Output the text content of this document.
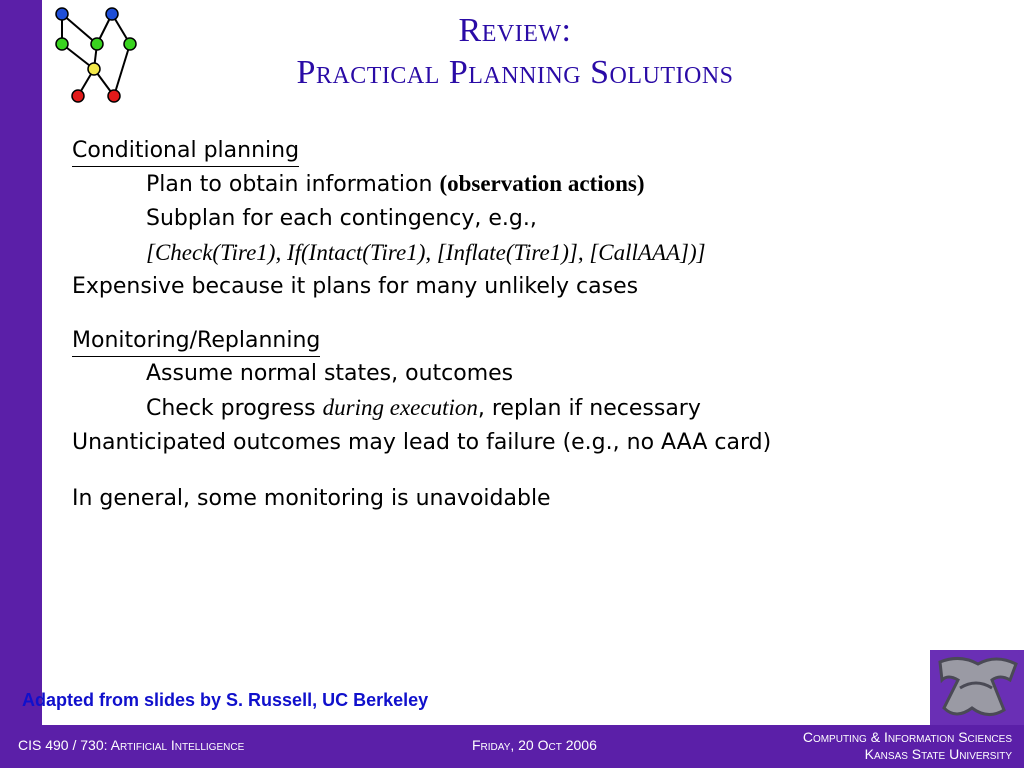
Review:
Practical Planning Solutions
Conditional planning
Plan to obtain information (observation actions)
Subplan for each contingency, e.g.,
[Check(Tire1), If(Intact(Tire1), [Inflate(Tire1)], [CallAAA])]
Expensive because it plans for many unlikely cases
Monitoring/Replanning
Assume normal states, outcomes
Check progress during execution, replan if necessary
Unanticipated outcomes may lead to failure (e.g., no AAA card)
In general, some monitoring is unavoidable
Adapted from slides by S. Russell, UC Berkeley
CIS 490 / 730: Artificial Intelligence	Friday, 20 Oct 2006	Computing & Information Sciences
Kansas State University
